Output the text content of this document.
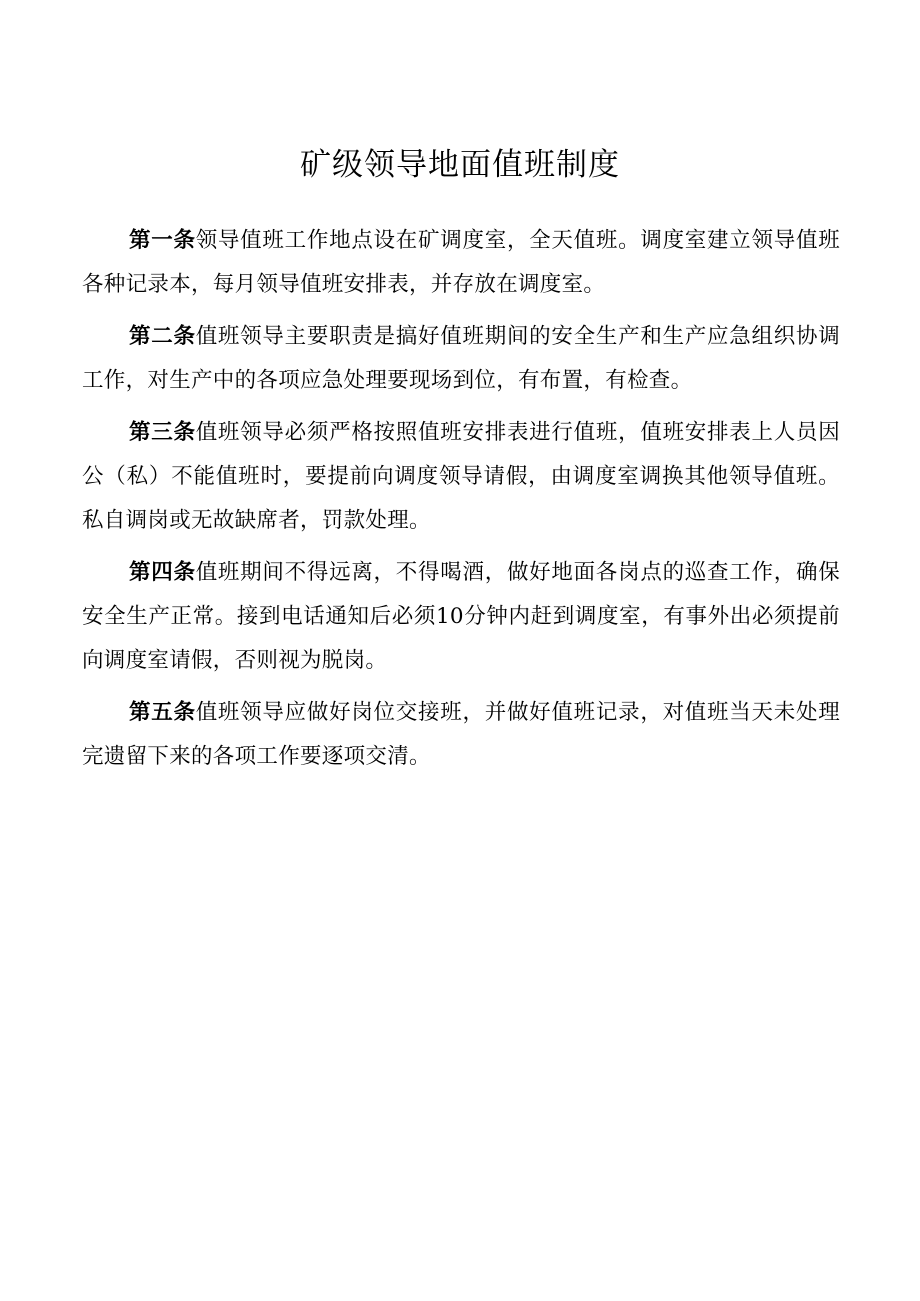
矿级领导地面值班制度

第一条领导值班工作地点设在矿调度室，全天值班。调度室建立领导值班各种记录本，每月领导值班安排表，并存放在调度室。

第二条值班领导主要职责是搞好值班期间的安全生产和生产应急组织协调工作，对生产中的各项应急处理要现场到位，有布置，有检查。

第三条值班领导必须严格按照值班安排表进行值班，值班安排表上人员因公（私）不能值班时，要提前向调度领导请假，由调度室调换其他领导值班。私自调岗或无故缺席者，罚款处理。

第四条值班期间不得远离，不得喝酒，做好地面各岗点的巡查工作，确保安全生产正常。接到电话通知后必须10分钟内赶到调度室，有事外出必须提前向调度室请假，否则视为脱岗。

第五条值班领导应做好岗位交接班，并做好值班记录，对值班当天未处理完遗留下来的各项工作要逐项交清。
